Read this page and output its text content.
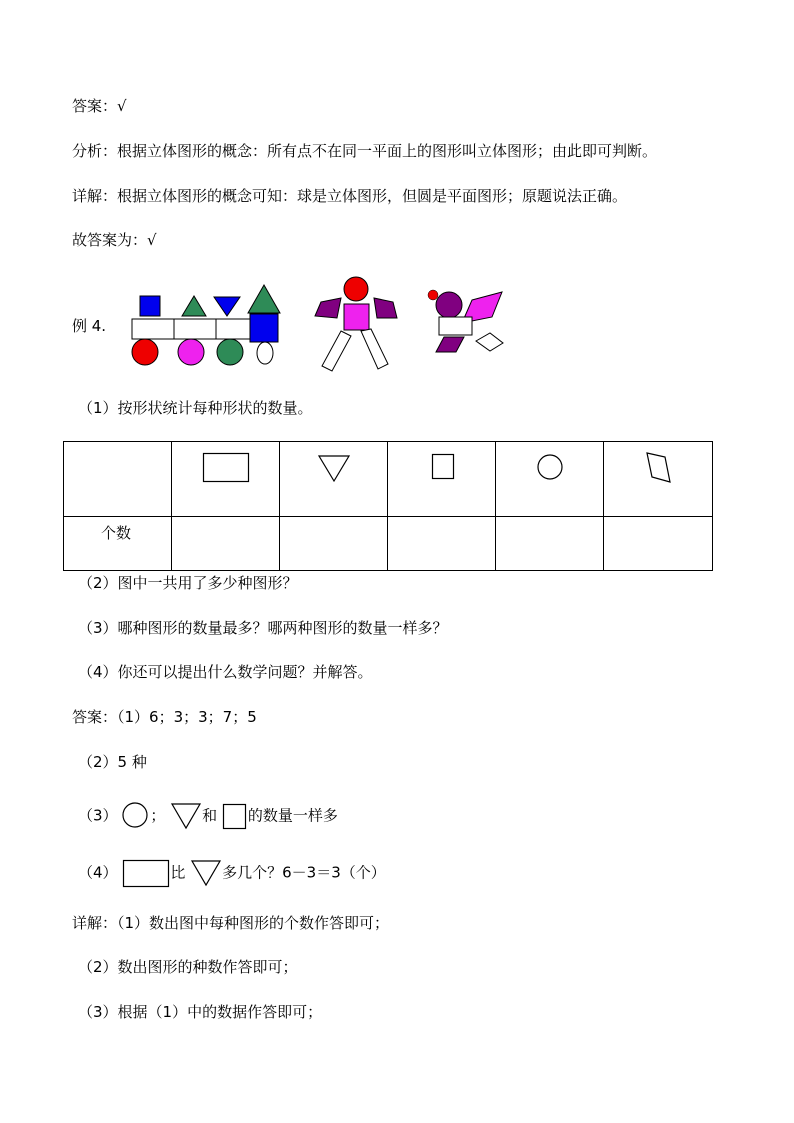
答案：√
分析：根据立体图形的概念：所有点不在同一平面上的图形叫立体图形；由此即可判断。
详解：根据立体图形的概念可知：球是立体图形，但圆是平面图形；原题说法正确。
故答案为：√
例 4.
（1）按形状统计每种形状的数量。
个数
（2）图中一共用了多少种图形？
（3）哪种图形的数量最多？哪两种图形的数量一样多？
（4）你还可以提出什么数学问题？并解答。
答案：（1）6；3；3；7；5
（2）5 种
（3） ； 和 的数量一样多
（4）	比 多几个？6－3＝3（个）
详解：（1）数出图中每种图形的个数作答即可；
（2）数出图形的种数作答即可；
（3）根据（1）中的数据作答即可；
